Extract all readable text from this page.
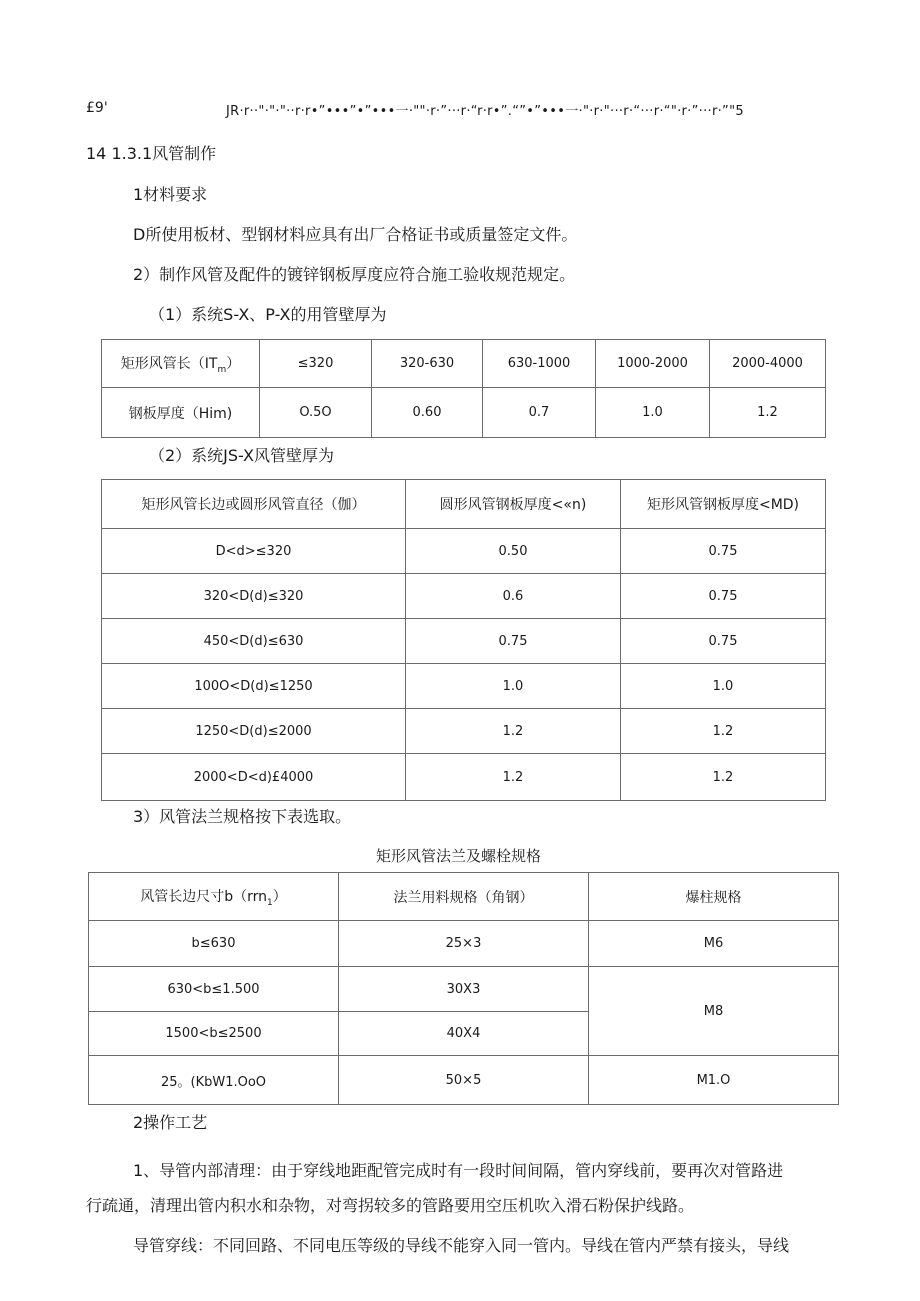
£9'	JR·r··"·"·"··r·r•”•••”•”•••一·""·r·”···r·“r·r•”.“”•”•••一·"·r·"···r·“···r·“"·r·”···r·”"5
14 1.3.1风管制作
1材料要求
D所使用板材、型钢材料应具有出厂合格证书或质量签定文件。
2）制作风管及配件的镀锌钢板厚度应符合施工验收规范规定。
（1）系统S-X、P-X的用管壁厚为
矩形风管长$(IT_m)$	≤320	320-630	630-1000	1000-2000	2000-4000
钢板厚度（Him)	O.5O	0.60	0.7	1.0	1.2
（2）系统JS-X风管壁厚为
矩形风管长边或圆形风管直径（伽）	圆形风管钢板厚度<«n)	矩形风管钢板厚度<MD)
D<d>≤320	0.50	0.75
320<D(d)≤320	0.6	0.75
450<D(d)≤630	0.75	0.75
100O<D(d)≤1250	1.0	1.0
1250<D(d)≤2000	1.2	1.2
2000<D<d)£4000	1.2	1.2
3）风管法兰规格按下表选取。
矩形风管法兰及螺栓规格
风管长边尺寸b（rrn$_1$）	法兰用料规格（角钢）	爆柱规格
b≤630	25×3	M6
630<b≤1.500	30X3	M8
1500<b≤2500	40X4	
25。(KbW1.OoO	50×5	M1.O
2操作工艺
1、导管内部清理：由于穿线地距配管完成时有一段时间间隔，管内穿线前，要再次对管路进
行疏通，清理出管内积水和杂物，对弯拐较多的管路要用空压机吹入滑石粉保护线路。
导管穿线：不同回路、不同电压等级的导线不能穿入同一管内。导线在管内严禁有接头，导线
